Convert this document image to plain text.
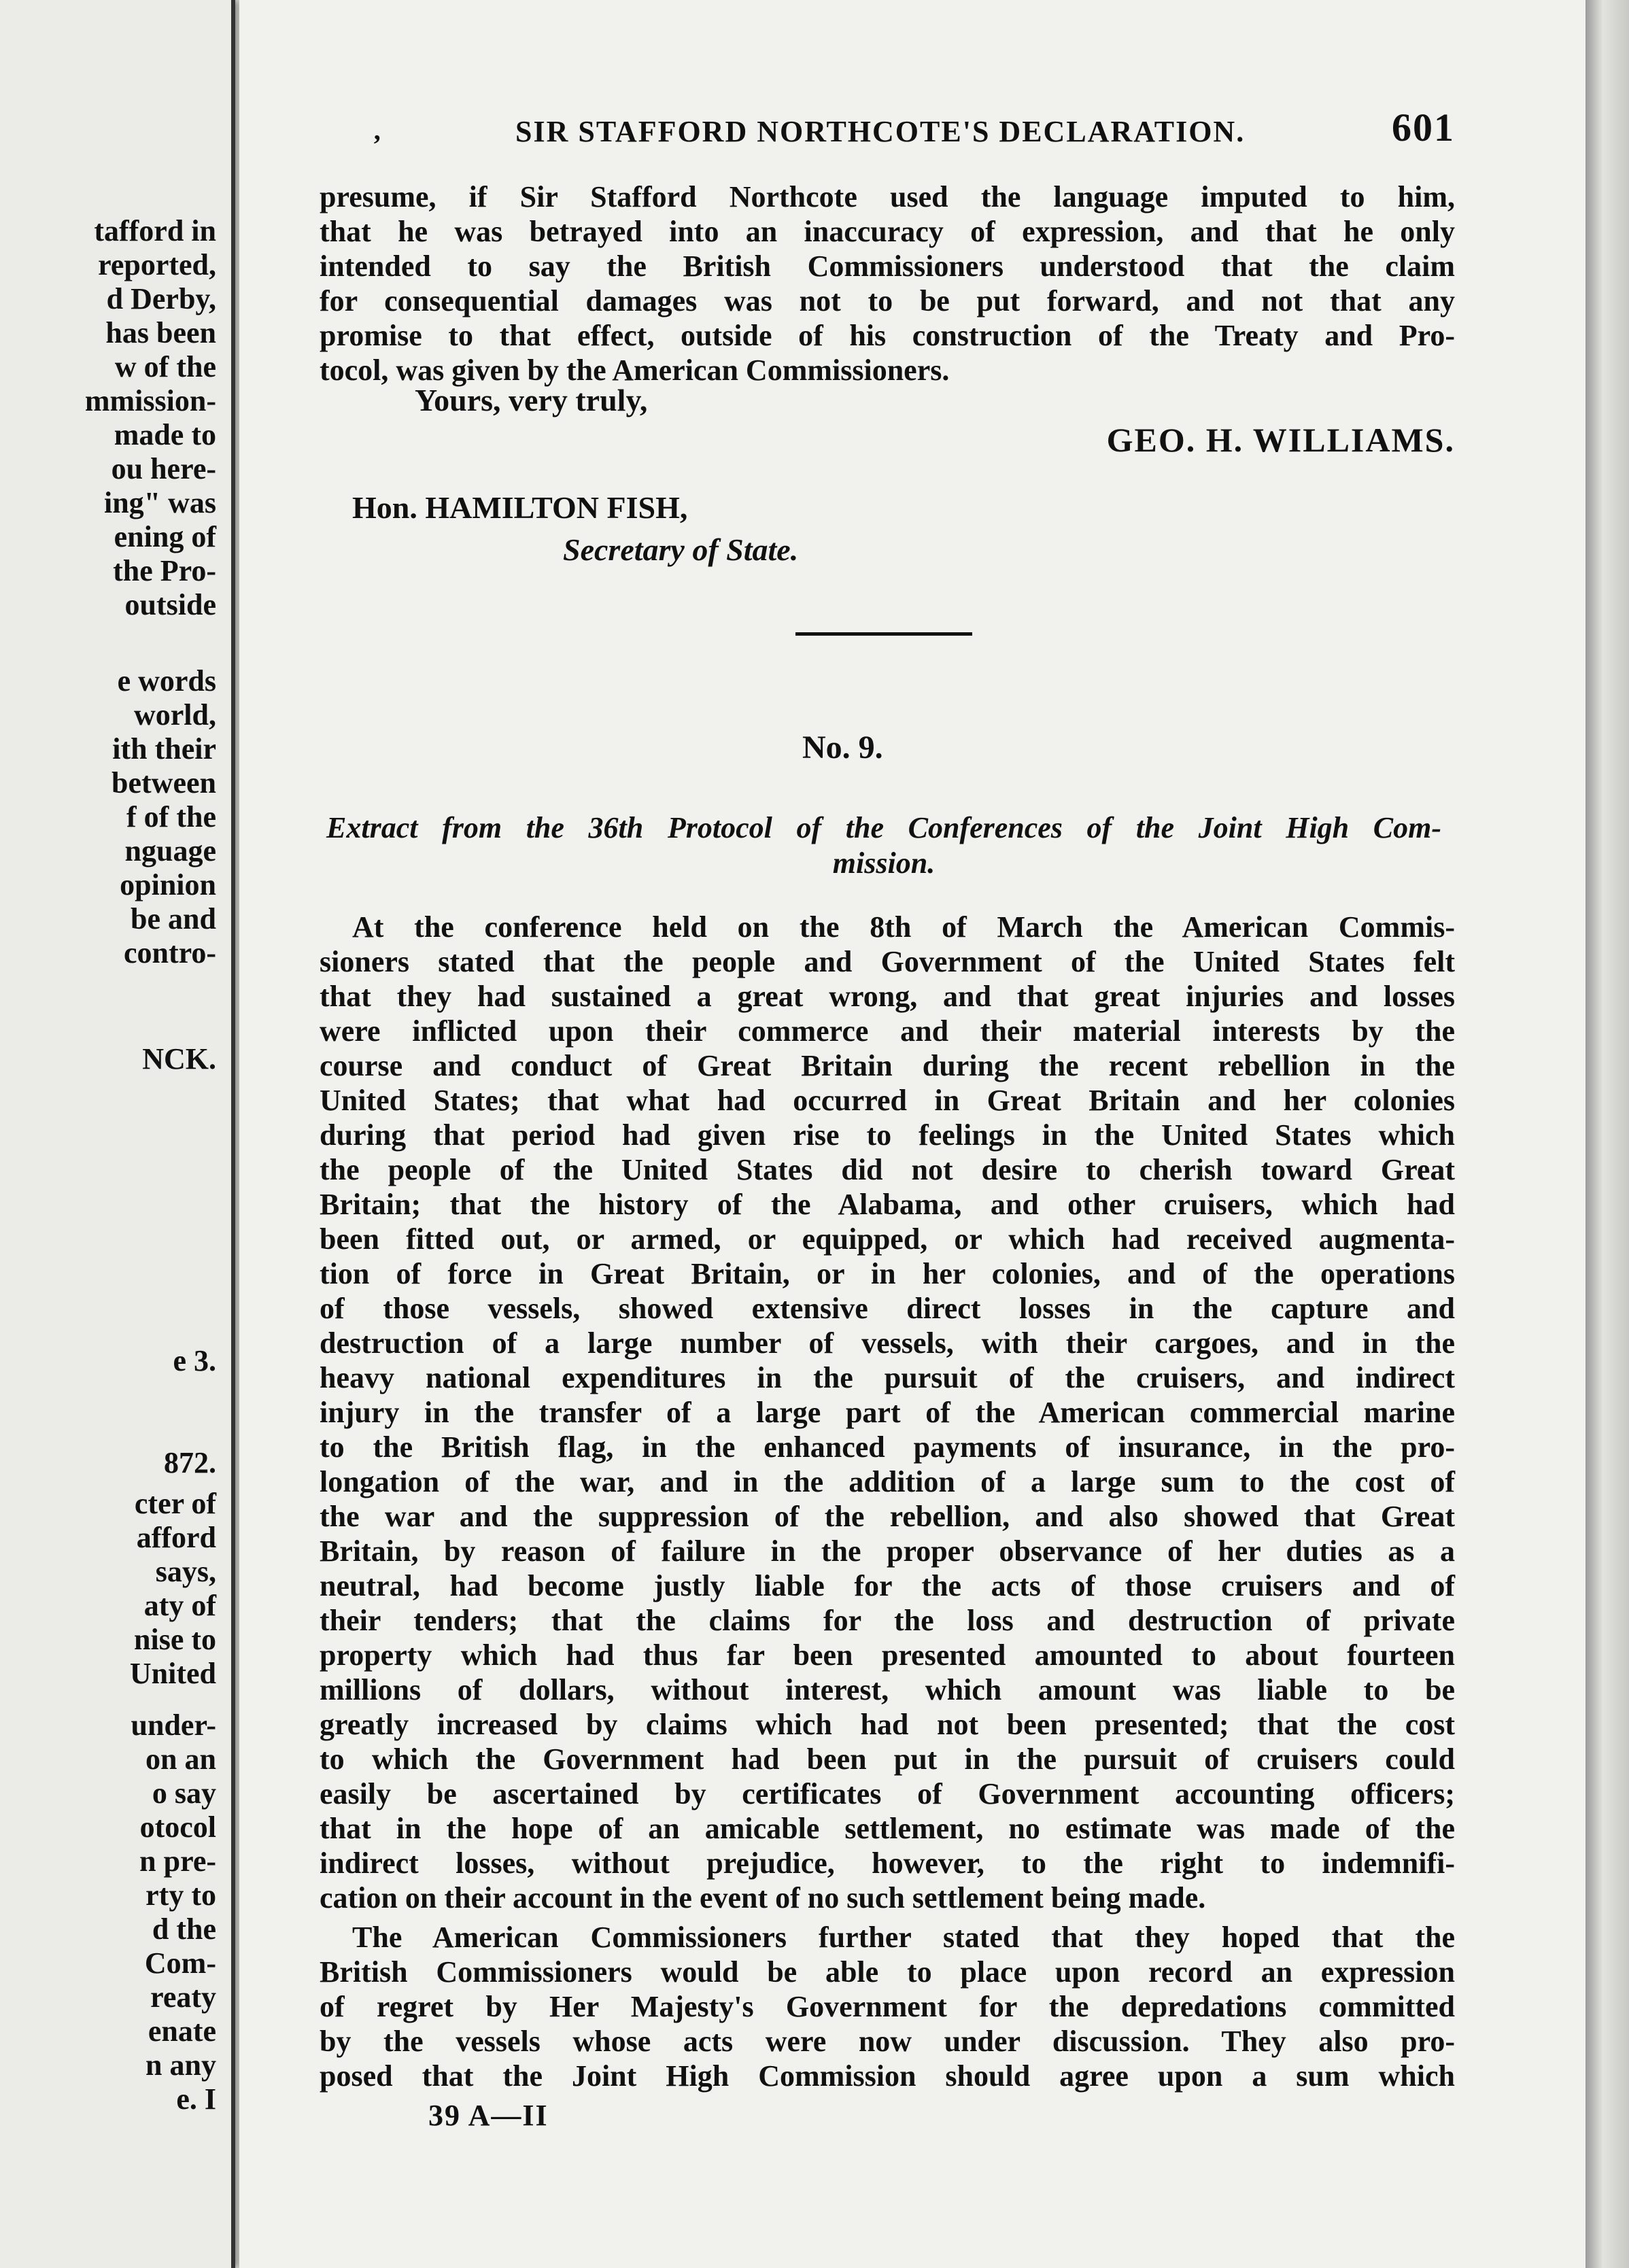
tafford in
reported,
d Derby,
has been
w of the
mmission-
made to
ou here-
ing" was
ening of
the Pro-
outside
e words
world,
ith their
between
f of the
nguage
opinion
be and
contro-
NCK.
e 3.
872.
cter of
afford
says,
aty of
nise to
United
under-
on an
o say
otocol
n pre-
rty to
d the
Com-
reaty
enate
n any
e. I
‚	SIR STAFFORD NORTHCOTE'S DECLARATION.	601
presume, if Sir Stafford Northcote used the language imputed to him,
that he was betrayed into an inaccuracy of expression, and that he only
intended to say the British Commissioners understood that the claim
for consequential damages was not to be put forward, and not that any
promise to that effect, outside of his construction of the Treaty and Pro-
tocol, was given by the American Commissioners.
Yours, very truly,
GEO. H. WILLIAMS.
Hon. HAMILTON FISH,
Secretary of State.
No. 9.
Extract from the 36th Protocol of the Conferences of the Joint High Com-
mission.
At the conference held on the 8th of March the American Commis-
sioners stated that the people and Government of the United States felt
that they had sustained a great wrong, and that great injuries and losses
were inflicted upon their commerce and their material interests by the
course and conduct of Great Britain during the recent rebellion in the
United States; that what had occurred in Great Britain and her colonies
during that period had given rise to feelings in the United States which
the people of the United States did not desire to cherish toward Great
Britain; that the history of the Alabama, and other cruisers, which had
been fitted out, or armed, or equipped, or which had received augmenta-
tion of force in Great Britain, or in her colonies, and of the operations
of those vessels, showed extensive direct losses in the capture and
destruction of a large number of vessels, with their cargoes, and in the
heavy national expenditures in the pursuit of the cruisers, and indirect
injury in the transfer of a large part of the American commercial marine
to the British flag, in the enhanced payments of insurance, in the pro-
longation of the war, and in the addition of a large sum to the cost of
the war and the suppression of the rebellion, and also showed that Great
Britain, by reason of failure in the proper observance of her duties as a
neutral, had become justly liable for the acts of those cruisers and of
their tenders; that the claims for the loss and destruction of private
property which had thus far been presented amounted to about fourteen
millions of dollars, without interest, which amount was liable to be
greatly increased by claims which had not been presented; that the cost
to which the Government had been put in the pursuit of cruisers could
easily be ascertained by certificates of Government accounting officers;
that in the hope of an amicable settlement, no estimate was made of the
indirect losses, without prejudice, however, to the right to indemnifi-
cation on their account in the event of no such settlement being made.
The American Commissioners further stated that they hoped that the
British Commissioners would be able to place upon record an expression
of regret by Her Majesty's Government for the depredations committed
by the vessels whose acts were now under discussion. They also pro-
posed that the Joint High Commission should agree upon a sum which
39 A—II
